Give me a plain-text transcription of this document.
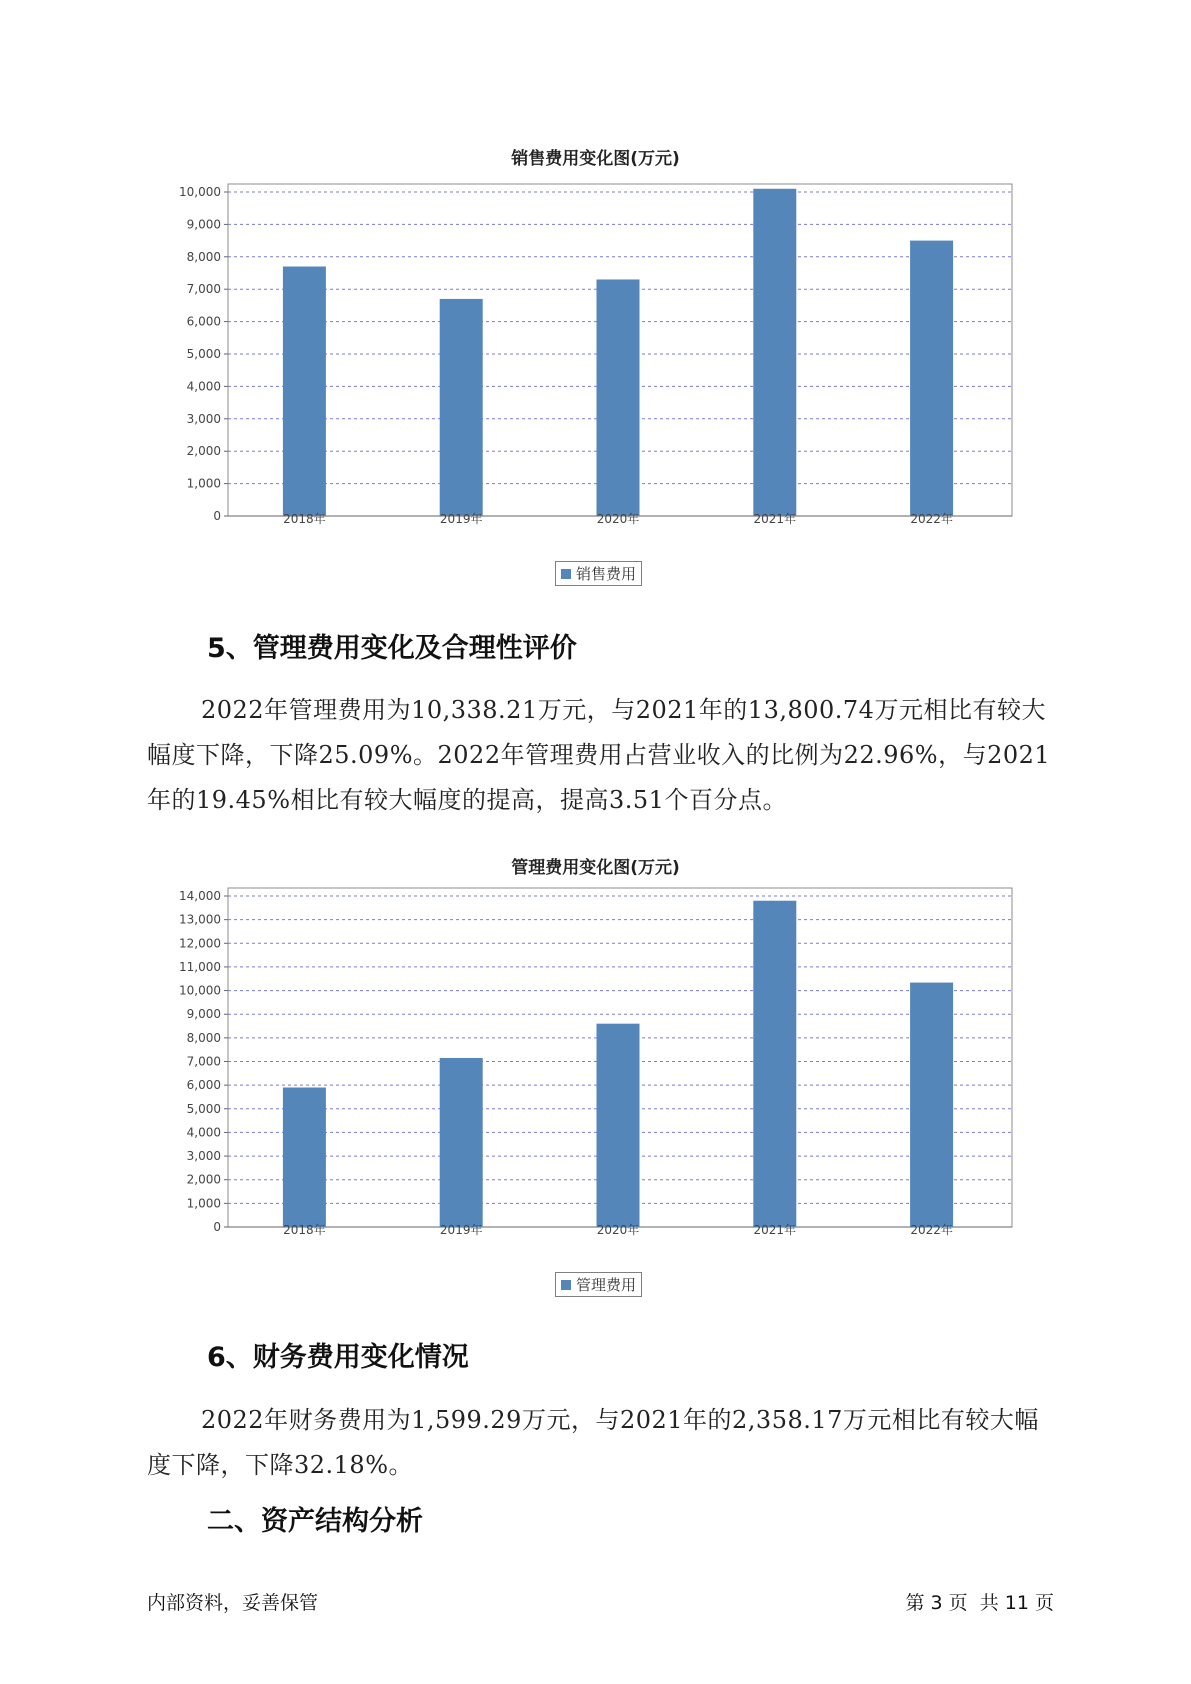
销售费用变化图(万元)
0
1,000
2,000
3,000
4,000
5,000
6,000
7,000
8,000
9,000
10,000
2018年	2019年	2020年	2021年	2022年
销售费用
5、管理费用变化及合理性评价

2022年管理费用为10,338.21万元，与2021年的13,800.74万元相比有较大幅度下降，下降25.09%。2022年管理费用占营业收入的比例为22.96%，与2021年的19.45%相比有较大幅度的提高，提高3.51个百分点。

管理费用变化图(万元)
0
1,000
2,000
3,000
4,000
5,000
6,000
7,000
8,000
9,000
10,000
11,000
12,000
13,000
14,000
2018年	2019年	2020年	2021年	2022年
管理费用
6、财务费用变化情况

2022年财务费用为1,599.29万元，与2021年的2,358.17万元相比有较大幅度下降，下降32.18%。

二、资产结构分析
内部资料，妥善保管	第 3 页  共 11 页
